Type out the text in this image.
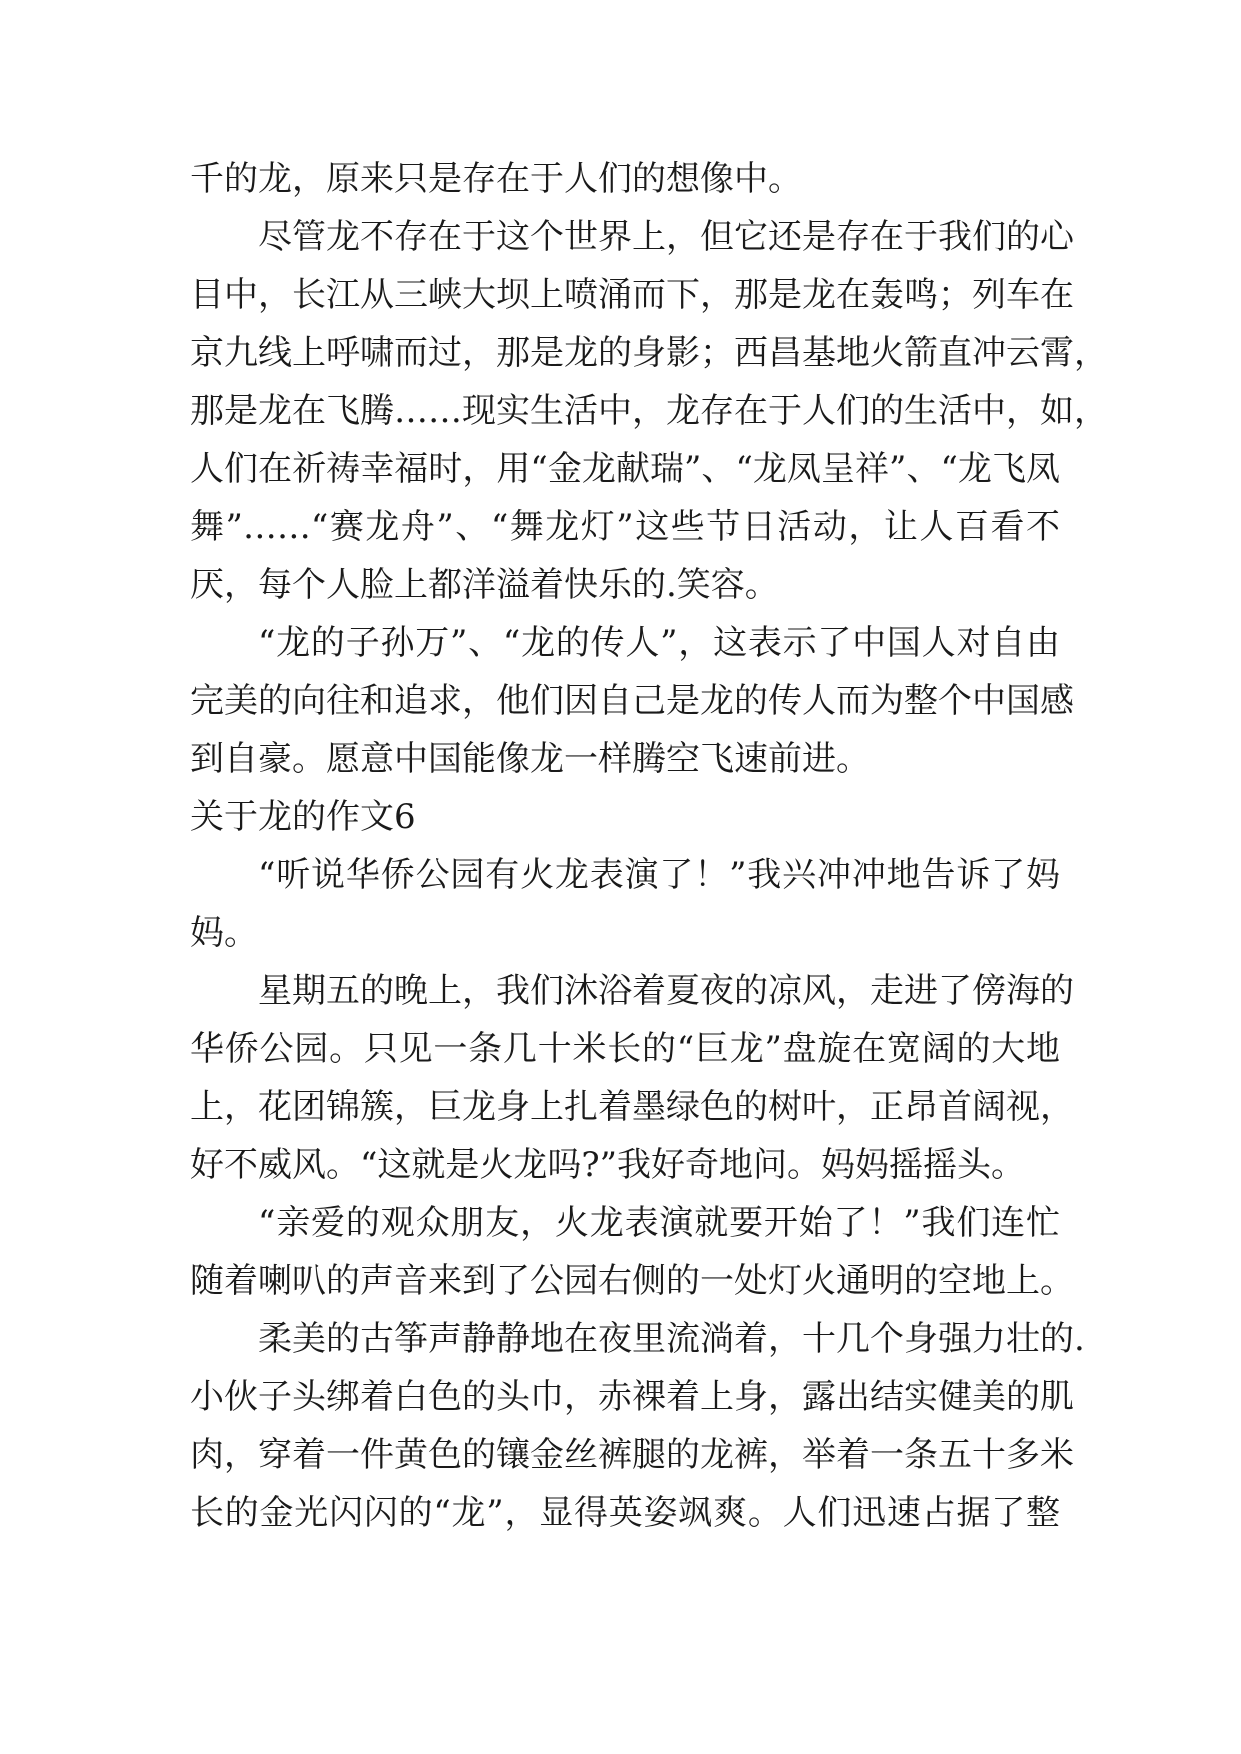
千的龙，原来只是存在于人们的想像中。
尽管龙不存在于这个世界上，但它还是存在于我们的心
目中，长江从三峡大坝上喷涌而下，那是龙在轰鸣；列车在
京九线上呼啸而过，那是龙的身影；西昌基地火箭直冲云霄，
那是龙在飞腾……现实生活中，龙存在于人们的生活中，如，
人们在祈祷幸福时，用“金龙献瑞”、“龙凤呈祥”、“龙飞凤
舞”……“赛龙舟”、“舞龙灯”这些节日活动，让人百看不
厌，每个人脸上都洋溢着快乐的.笑容。
“龙的子孙万”、“龙的传人”，这表示了中国人对自由
完美的向往和追求，他们因自己是龙的传人而为整个中国感
到自豪。愿意中国能像龙一样腾空飞速前进。
关于龙的作文6
“听说华侨公园有火龙表演了！”我兴冲冲地告诉了妈
妈。
星期五的晚上，我们沐浴着夏夜的凉风，走进了傍海的
华侨公园。只见一条几十米长的“巨龙”盘旋在宽阔的大地
上，花团锦簇，巨龙身上扎着墨绿色的树叶，正昂首阔视，
好不威风。“这就是火龙吗?”我好奇地问。妈妈摇摇头。
“亲爱的观众朋友，火龙表演就要开始了！”我们连忙
随着喇叭的声音来到了公园右侧的一处灯火通明的空地上。
柔美的古筝声静静地在夜里流淌着，十几个身强力壮的.
小伙子头绑着白色的头巾，赤裸着上身，露出结实健美的肌
肉，穿着一件黄色的镶金丝裤腿的龙裤，举着一条五十多米
长的金光闪闪的“龙”，显得英姿飒爽。人们迅速占据了整
